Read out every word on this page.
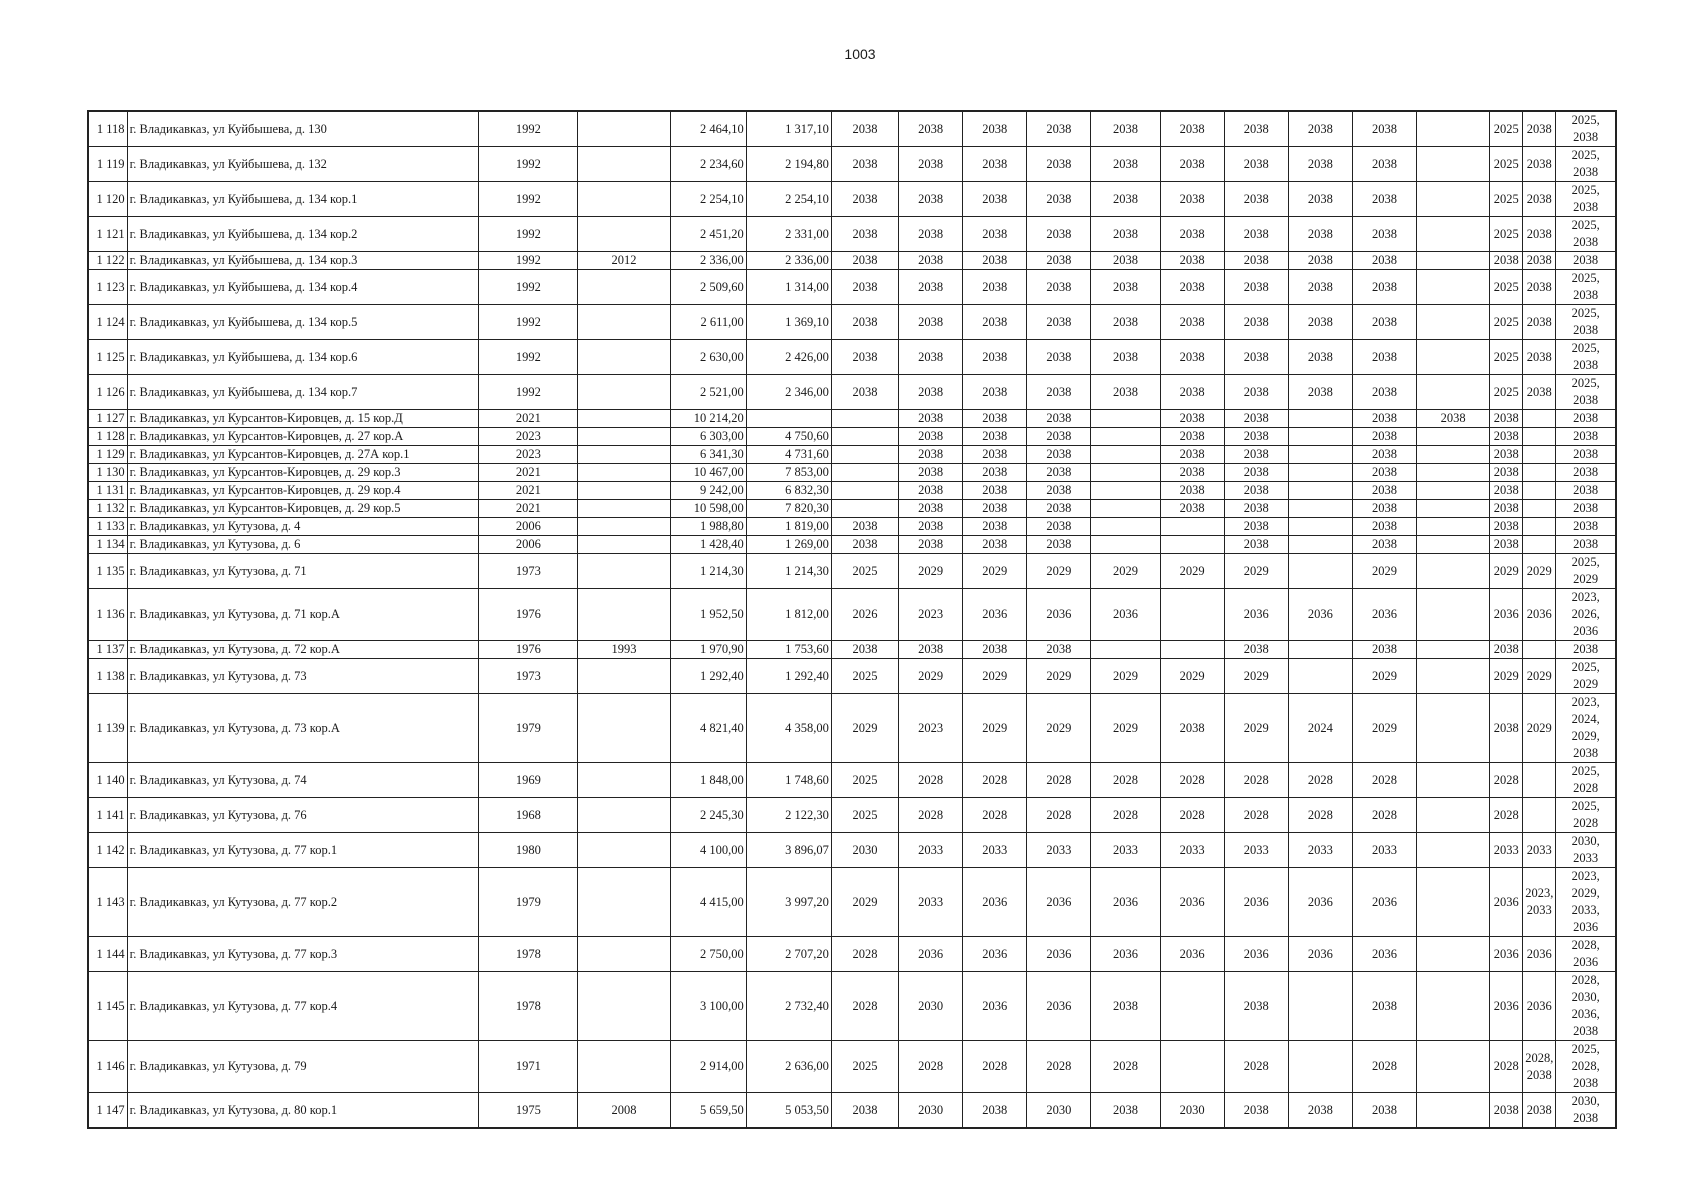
1003
1 118	г. Владикавказ, ул Куйбышева, д. 130	1992		2 464,10	1 317,10	2038	2038	2038	2038	2038	2038	2038	2038	2038		2025	2038	2025, 2038
1 119	г. Владикавказ, ул Куйбышева, д. 132	1992		2 234,60	2 194,80	2038	2038	2038	2038	2038	2038	2038	2038	2038		2025	2038	2025, 2038
1 120	г. Владикавказ, ул Куйбышева, д. 134 кор.1	1992		2 254,10	2 254,10	2038	2038	2038	2038	2038	2038	2038	2038	2038		2025	2038	2025, 2038
1 121	г. Владикавказ, ул Куйбышева, д. 134 кор.2	1992		2 451,20	2 331,00	2038	2038	2038	2038	2038	2038	2038	2038	2038		2025	2038	2025, 2038
1 122	г. Владикавказ, ул Куйбышева, д. 134 кор.3	1992	2012	2 336,00	2 336,00	2038	2038	2038	2038	2038	2038	2038	2038	2038		2038	2038	2038
1 123	г. Владикавказ, ул Куйбышева, д. 134 кор.4	1992		2 509,60	1 314,00	2038	2038	2038	2038	2038	2038	2038	2038	2038		2025	2038	2025, 2038
1 124	г. Владикавказ, ул Куйбышева, д. 134 кор.5	1992		2 611,00	1 369,10	2038	2038	2038	2038	2038	2038	2038	2038	2038		2025	2038	2025, 2038
1 125	г. Владикавказ, ул Куйбышева, д. 134 кор.6	1992		2 630,00	2 426,00	2038	2038	2038	2038	2038	2038	2038	2038	2038		2025	2038	2025, 2038
1 126	г. Владикавказ, ул Куйбышева, д. 134 кор.7	1992		2 521,00	2 346,00	2038	2038	2038	2038	2038	2038	2038	2038	2038		2025	2038	2025, 2038
1 127	г. Владикавказ, ул Курсантов-Кировцев, д. 15 кор.Д	2021		10 214,20			2038	2038	2038		2038	2038		2038	2038	2038		2038
1 128	г. Владикавказ, ул Курсантов-Кировцев, д. 27 кор.А	2023		6 303,00	4 750,60		2038	2038	2038		2038	2038		2038		2038		2038
1 129	г. Владикавказ, ул Курсантов-Кировцев, д. 27А кор.1	2023		6 341,30	4 731,60		2038	2038	2038		2038	2038		2038		2038		2038
1 130	г. Владикавказ, ул Курсантов-Кировцев, д. 29 кор.3	2021		10 467,00	7 853,00		2038	2038	2038		2038	2038		2038		2038		2038
1 131	г. Владикавказ, ул Курсантов-Кировцев, д. 29 кор.4	2021		9 242,00	6 832,30		2038	2038	2038		2038	2038		2038		2038		2038
1 132	г. Владикавказ, ул Курсантов-Кировцев, д. 29 кор.5	2021		10 598,00	7 820,30		2038	2038	2038		2038	2038		2038		2038		2038
1 133	г. Владикавказ, ул Кутузова, д. 4	2006		1 988,80	1 819,00	2038	2038	2038	2038			2038		2038		2038		2038
1 134	г. Владикавказ, ул Кутузова, д. 6	2006		1 428,40	1 269,00	2038	2038	2038	2038			2038		2038		2038		2038
1 135	г. Владикавказ, ул Кутузова, д. 71	1973		1 214,30	1 214,30	2025	2029	2029	2029	2029	2029	2029		2029		2029	2029	2025, 2029
1 136	г. Владикавказ, ул Кутузова, д. 71 кор.А	1976		1 952,50	1 812,00	2026	2023	2036	2036	2036		2036	2036	2036		2036	2036	2023, 2026, 2036
1 137	г. Владикавказ, ул Кутузова, д. 72 кор.А	1976	1993	1 970,90	1 753,60	2038	2038	2038	2038			2038		2038		2038		2038
1 138	г. Владикавказ, ул Кутузова, д. 73	1973		1 292,40	1 292,40	2025	2029	2029	2029	2029	2029	2029		2029		2029	2029	2025, 2029
1 139	г. Владикавказ, ул Кутузова, д. 73 кор.А	1979		4 821,40	4 358,00	2029	2023	2029	2029	2029	2038	2029	2024	2029		2038	2029	2023, 2024, 2029, 2038
1 140	г. Владикавказ, ул Кутузова, д. 74	1969		1 848,00	1 748,60	2025	2028	2028	2028	2028	2028	2028	2028	2028		2028		2025, 2028
1 141	г. Владикавказ, ул Кутузова, д. 76	1968		2 245,30	2 122,30	2025	2028	2028	2028	2028	2028	2028	2028	2028		2028		2025, 2028
1 142	г. Владикавказ, ул Кутузова, д. 77 кор.1	1980		4 100,00	3 896,07	2030	2033	2033	2033	2033	2033	2033	2033	2033		2033	2033	2030, 2033
1 143	г. Владикавказ, ул Кутузова, д. 77 кор.2	1979		4 415,00	3 997,20	2029	2033	2036	2036	2036	2036	2036	2036	2036		2036	2023, 2033	2023, 2029, 2033, 2036
1 144	г. Владикавказ, ул Кутузова, д. 77 кор.3	1978		2 750,00	2 707,20	2028	2036	2036	2036	2036	2036	2036	2036	2036		2036	2036	2028, 2036
1 145	г. Владикавказ, ул Кутузова, д. 77 кор.4	1978		3 100,00	2 732,40	2028	2030	2036	2036	2038		2038		2038		2036	2036	2028, 2030, 2036, 2038
1 146	г. Владикавказ, ул Кутузова, д. 79	1971		2 914,00	2 636,00	2025	2028	2028	2028	2028		2028		2028		2028	2028, 2038	2025, 2028, 2038
1 147	г. Владикавказ, ул Кутузова, д. 80 кор.1	1975	2008	5 659,50	5 053,50	2038	2030	2038	2030	2038	2030	2038	2038	2038		2038	2038	2030, 2038
